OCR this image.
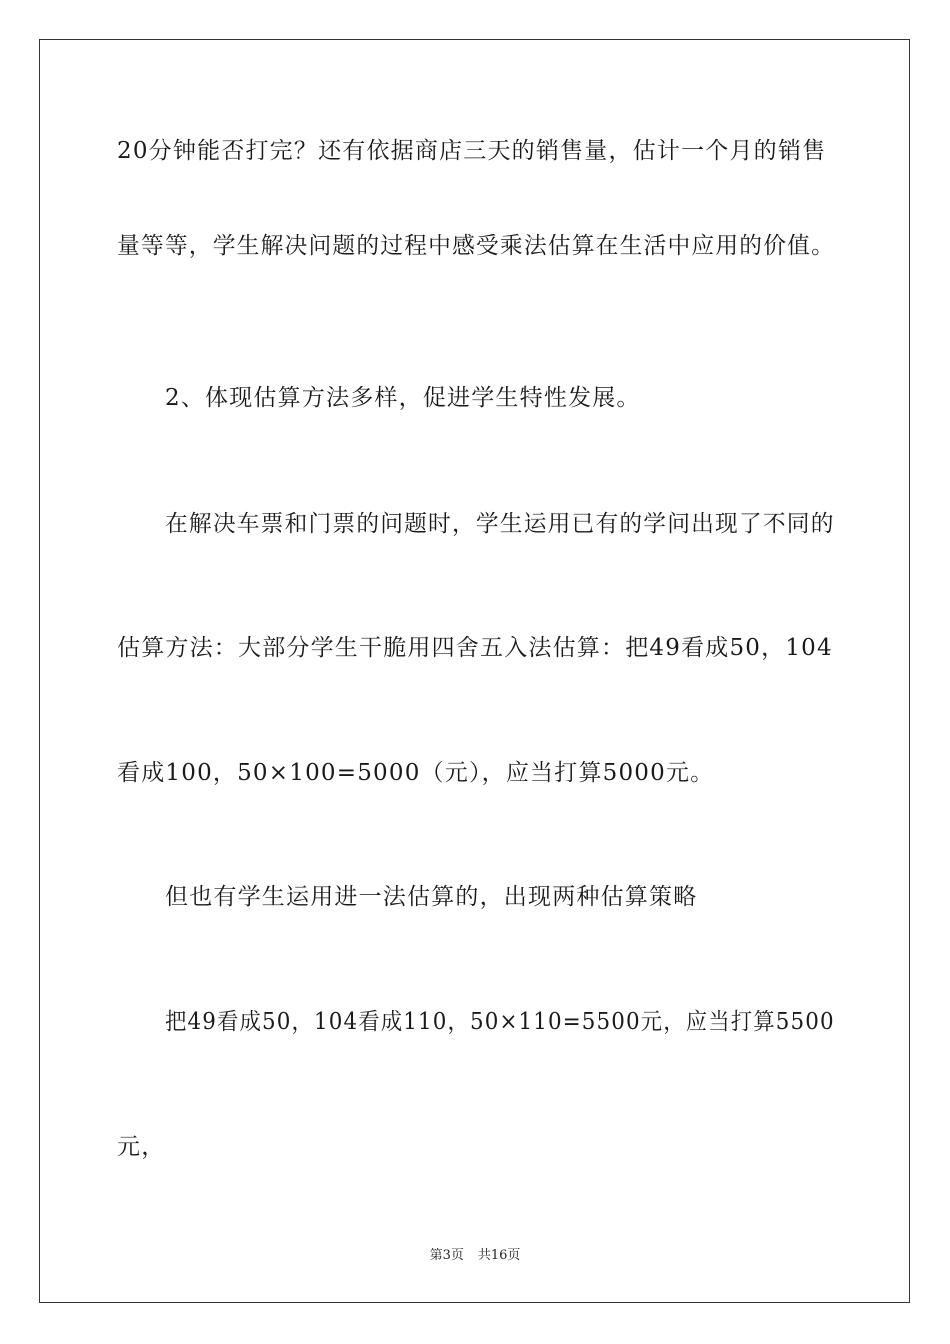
20分钟能否打完？还有依据商店三天的销售量，估计一个月的销售
量等等，学生解决问题的过程中感受乘法估算在生活中应用的价值。
2、体现估算方法多样，促进学生特性发展。
在解决车票和门票的问题时，学生运用已有的学问出现了不同的
估算方法：大部分学生干脆用四舍五入法估算：把49看成50，104
看成100，50×100=5000（元），应当打算5000元。
但也有学生运用进一法估算的，出现两种估算策略
把49看成50，104看成110，50×110=5500元，应当打算5500
元，
第3页 共16页
